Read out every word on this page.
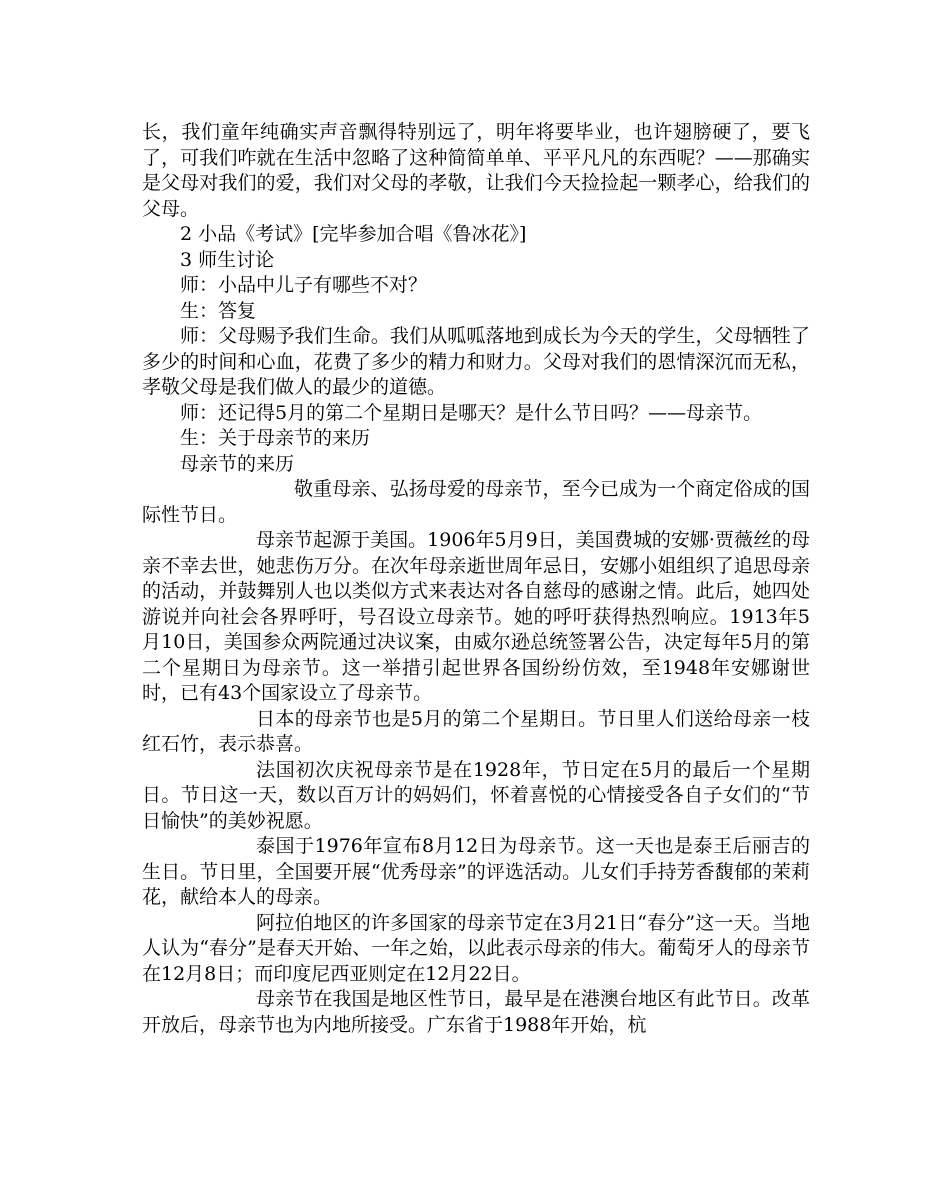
长，我们童年纯确实声音飘得特别远了，明年将要毕业，也许翅膀硬了，要飞了，可我们咋就在生活中忽略了这种简简单单、平平凡凡的东西呢？——那确实是父母对我们的爱，我们对父母的孝敬，让我们今天捡捡起一颗孝心，给我们的父母。

2 小品《考试》[完毕参加合唱《鲁冰花》]

3 师生讨论

师：小品中儿子有哪些不对？

生：答复

师：父母赐予我们生命。我们从呱呱落地到成长为今天的学生，父母牺牲了多少的时间和心血，花费了多少的精力和财力。父母对我们的恩情深沉而无私，孝敬父母是我们做人的最少的道德。

师：还记得5月的第二个星期日是哪天？是什么节日吗？——母亲节。

生：关于母亲节的来历

母亲节的来历

敬重母亲、弘扬母爱的母亲节，至今已成为一个商定俗成的国际性节日。

母亲节起源于美国。1906年5月9日，美国费城的安娜·贾薇丝的母亲不幸去世，她悲伤万分。在次年母亲逝世周年忌日，安娜小姐组织了追思母亲的活动，并鼓舞别人也以类似方式来表达对各自慈母的感谢之情。此后，她四处游说并向社会各界呼吁，号召设立母亲节。她的呼吁获得热烈响应。1913年5月10日，美国参众两院通过决议案，由威尔逊总统签署公告，决定每年5月的第二个星期日为母亲节。这一举措引起世界各国纷纷仿效，至1948年安娜谢世时，已有43个国家设立了母亲节。

日本的母亲节也是5月的第二个星期日。节日里人们送给母亲一枝红石竹，表示恭喜。

法国初次庆祝母亲节是在1928年，节日定在5月的最后一个星期日。节日这一天，数以百万计的妈妈们，怀着喜悦的心情接受各自子女们的“节日愉快”的美妙祝愿。

泰国于1976年宣布8月12日为母亲节。这一天也是泰王后丽吉的生日。节日里，全国要开展“优秀母亲”的评选活动。儿女们手持芳香馥郁的茉莉花，献给本人的母亲。

阿拉伯地区的许多国家的母亲节定在3月21日“春分”这一天。当地人认为“春分”是春天开始、一年之始，以此表示母亲的伟大。葡萄牙人的母亲节在12月8日；而印度尼西亚则定在12月22日。

母亲节在我国是地区性节日，最早是在港澳台地区有此节日。改革开放后，母亲节也为内地所接受。广东省于1988年开始，杭
